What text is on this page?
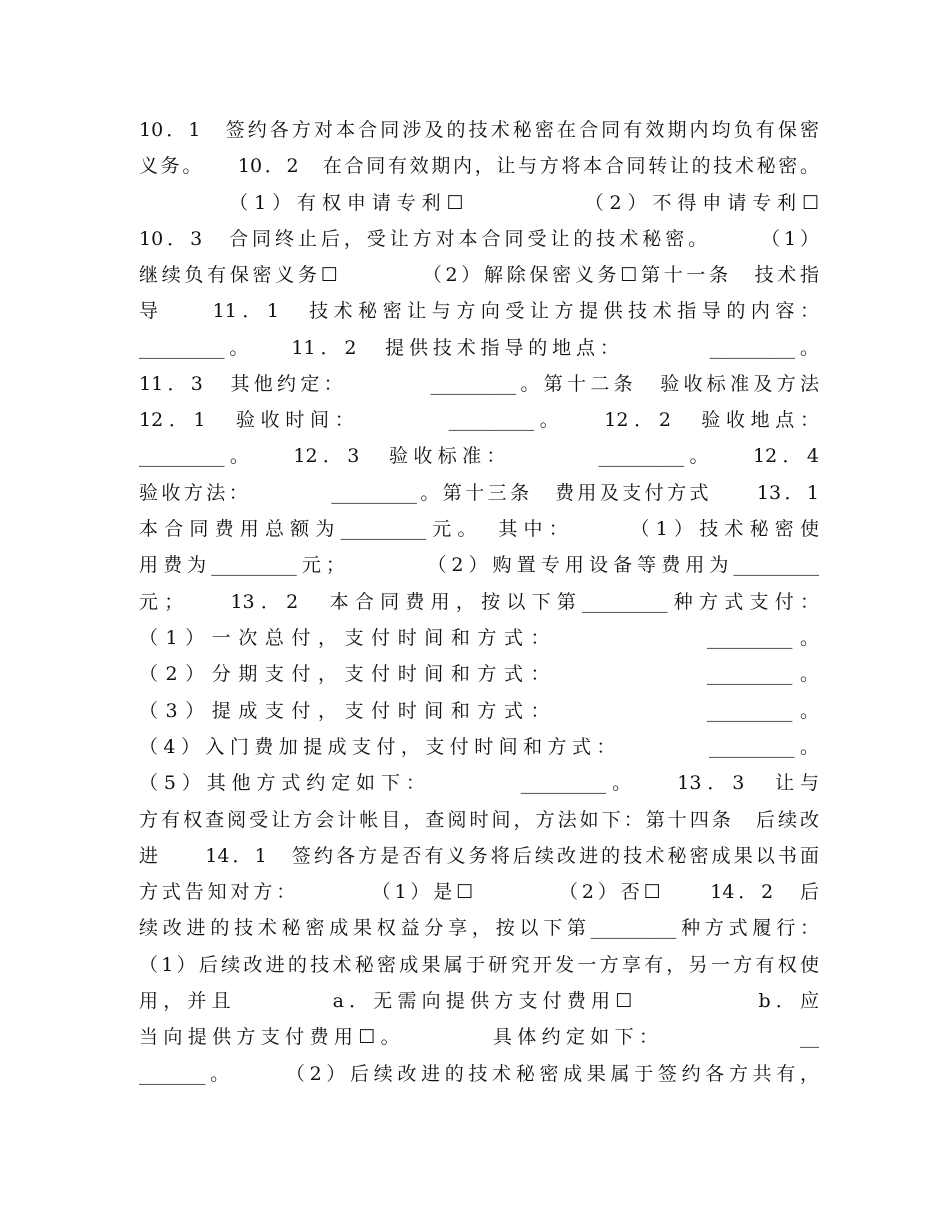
10．1　签约各方对本合同涉及的技术秘密在合同有效期内均负有保密
义务。　　10．2　在合同有效期内，让与方将本合同转让的技术秘密。
　　　　（1）有权申请专利☐　　　　　（2）不得申请专利☐
10．3　合同终止后，受让方对本合同受让的技术秘密。　　　（1）
继续负有保密义务☐　　　　（2）解除保密义务☐第十一条　技术指
导　　11．1　技术秘密让与方向受让方提供技术指导的内容：
_________。　　11．2　提供技术指导的地点：　　　　_________。
11．3　其他约定：　　　　_________。第十二条　验收标准及方法
12．1　验收时间：　　　　_________。　　12．2　验收地点：
_________。　　12．3　验收标准：　　　　_________。　　12．4
验收方法：　　　　_________。第十三条　费用及支付方式　　13．1
本合同费用总额为_________元。　其中：　　　（1）技术秘密使
用费为_________元；　　　　（2）购置专用设备等费用为_________
元；　　13．2　本合同费用，按以下第_________种方式支付：
（1）一次总付，支付时间和方式：　　　　　　_________。
（2）分期支付，支付时间和方式：　　　　　　_________。
（3）提成支付，支付时间和方式：　　　　　　_________。
（4）入门费加提成支付，支付时间和方式：　　　　_________。
（5）其他方式约定如下：　　　　_________。　　13．3　让与
方有权查阅受让方会计帐目，查阅时间，方法如下：第十四条　后续改
进　　14．1　签约各方是否有义务将后续改进的技术秘密成果以书面
方式告知对方：　　　　（1）是☐　　　　（2）否☐　　14．2　后
续改进的技术秘密成果权益分享，按以下第_________种方式履行：
（1）后续改进的技术秘密成果属于研究开发一方享有，另一方有权使
用，并且　　　　a．无需向提供方支付费用☐　　　　　b．应
当向提供方支付费用☐。　　　　具体约定如下：　　　　　　__
_______。　　　（2）后续改进的技术秘密成果属于签约各方共有，
